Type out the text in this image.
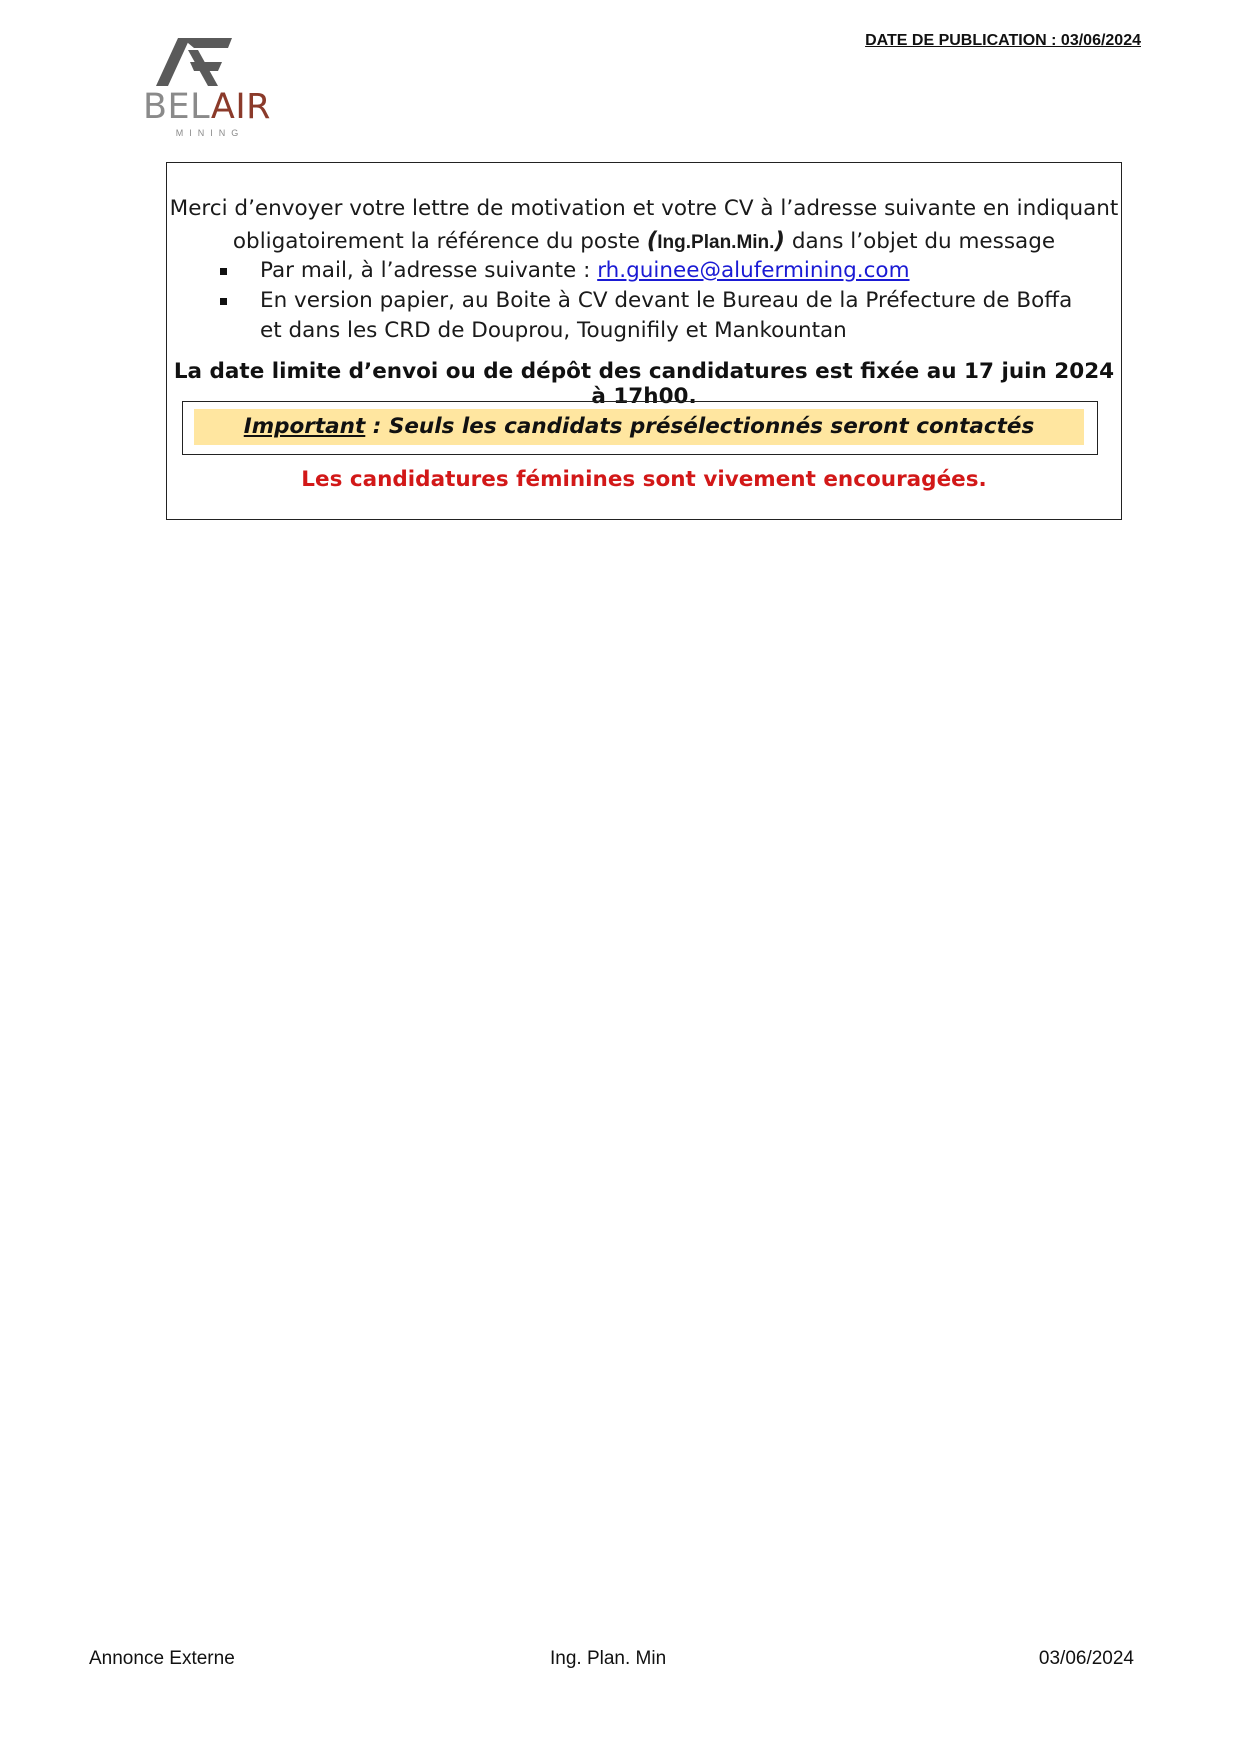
DATE DE PUBLICATION : 03/06/2024
BELAIR
MINING
Merci d’envoyer votre lettre de motivation et votre CV à l’adresse suivante en indiquant
obligatoirement la référence du poste (Ing.Plan.Min.) dans l’objet du message
Par mail, à l’adresse suivante : rh.guinee@alufermining.com
En version papier, au Boite à CV devant le Bureau de la Préfecture de Boffa et dans les CRD de Douprou, Tougnifily et Mankountan
La date limite d’envoi ou de dépôt des candidatures est fixée au 17 juin 2024 à 17h00.
Important : Seuls les candidats présélectionnés seront contactés
Les candidatures féminines sont vivement encouragées.
Annonce Externe	Ing. Plan. Min	03/06/2024
